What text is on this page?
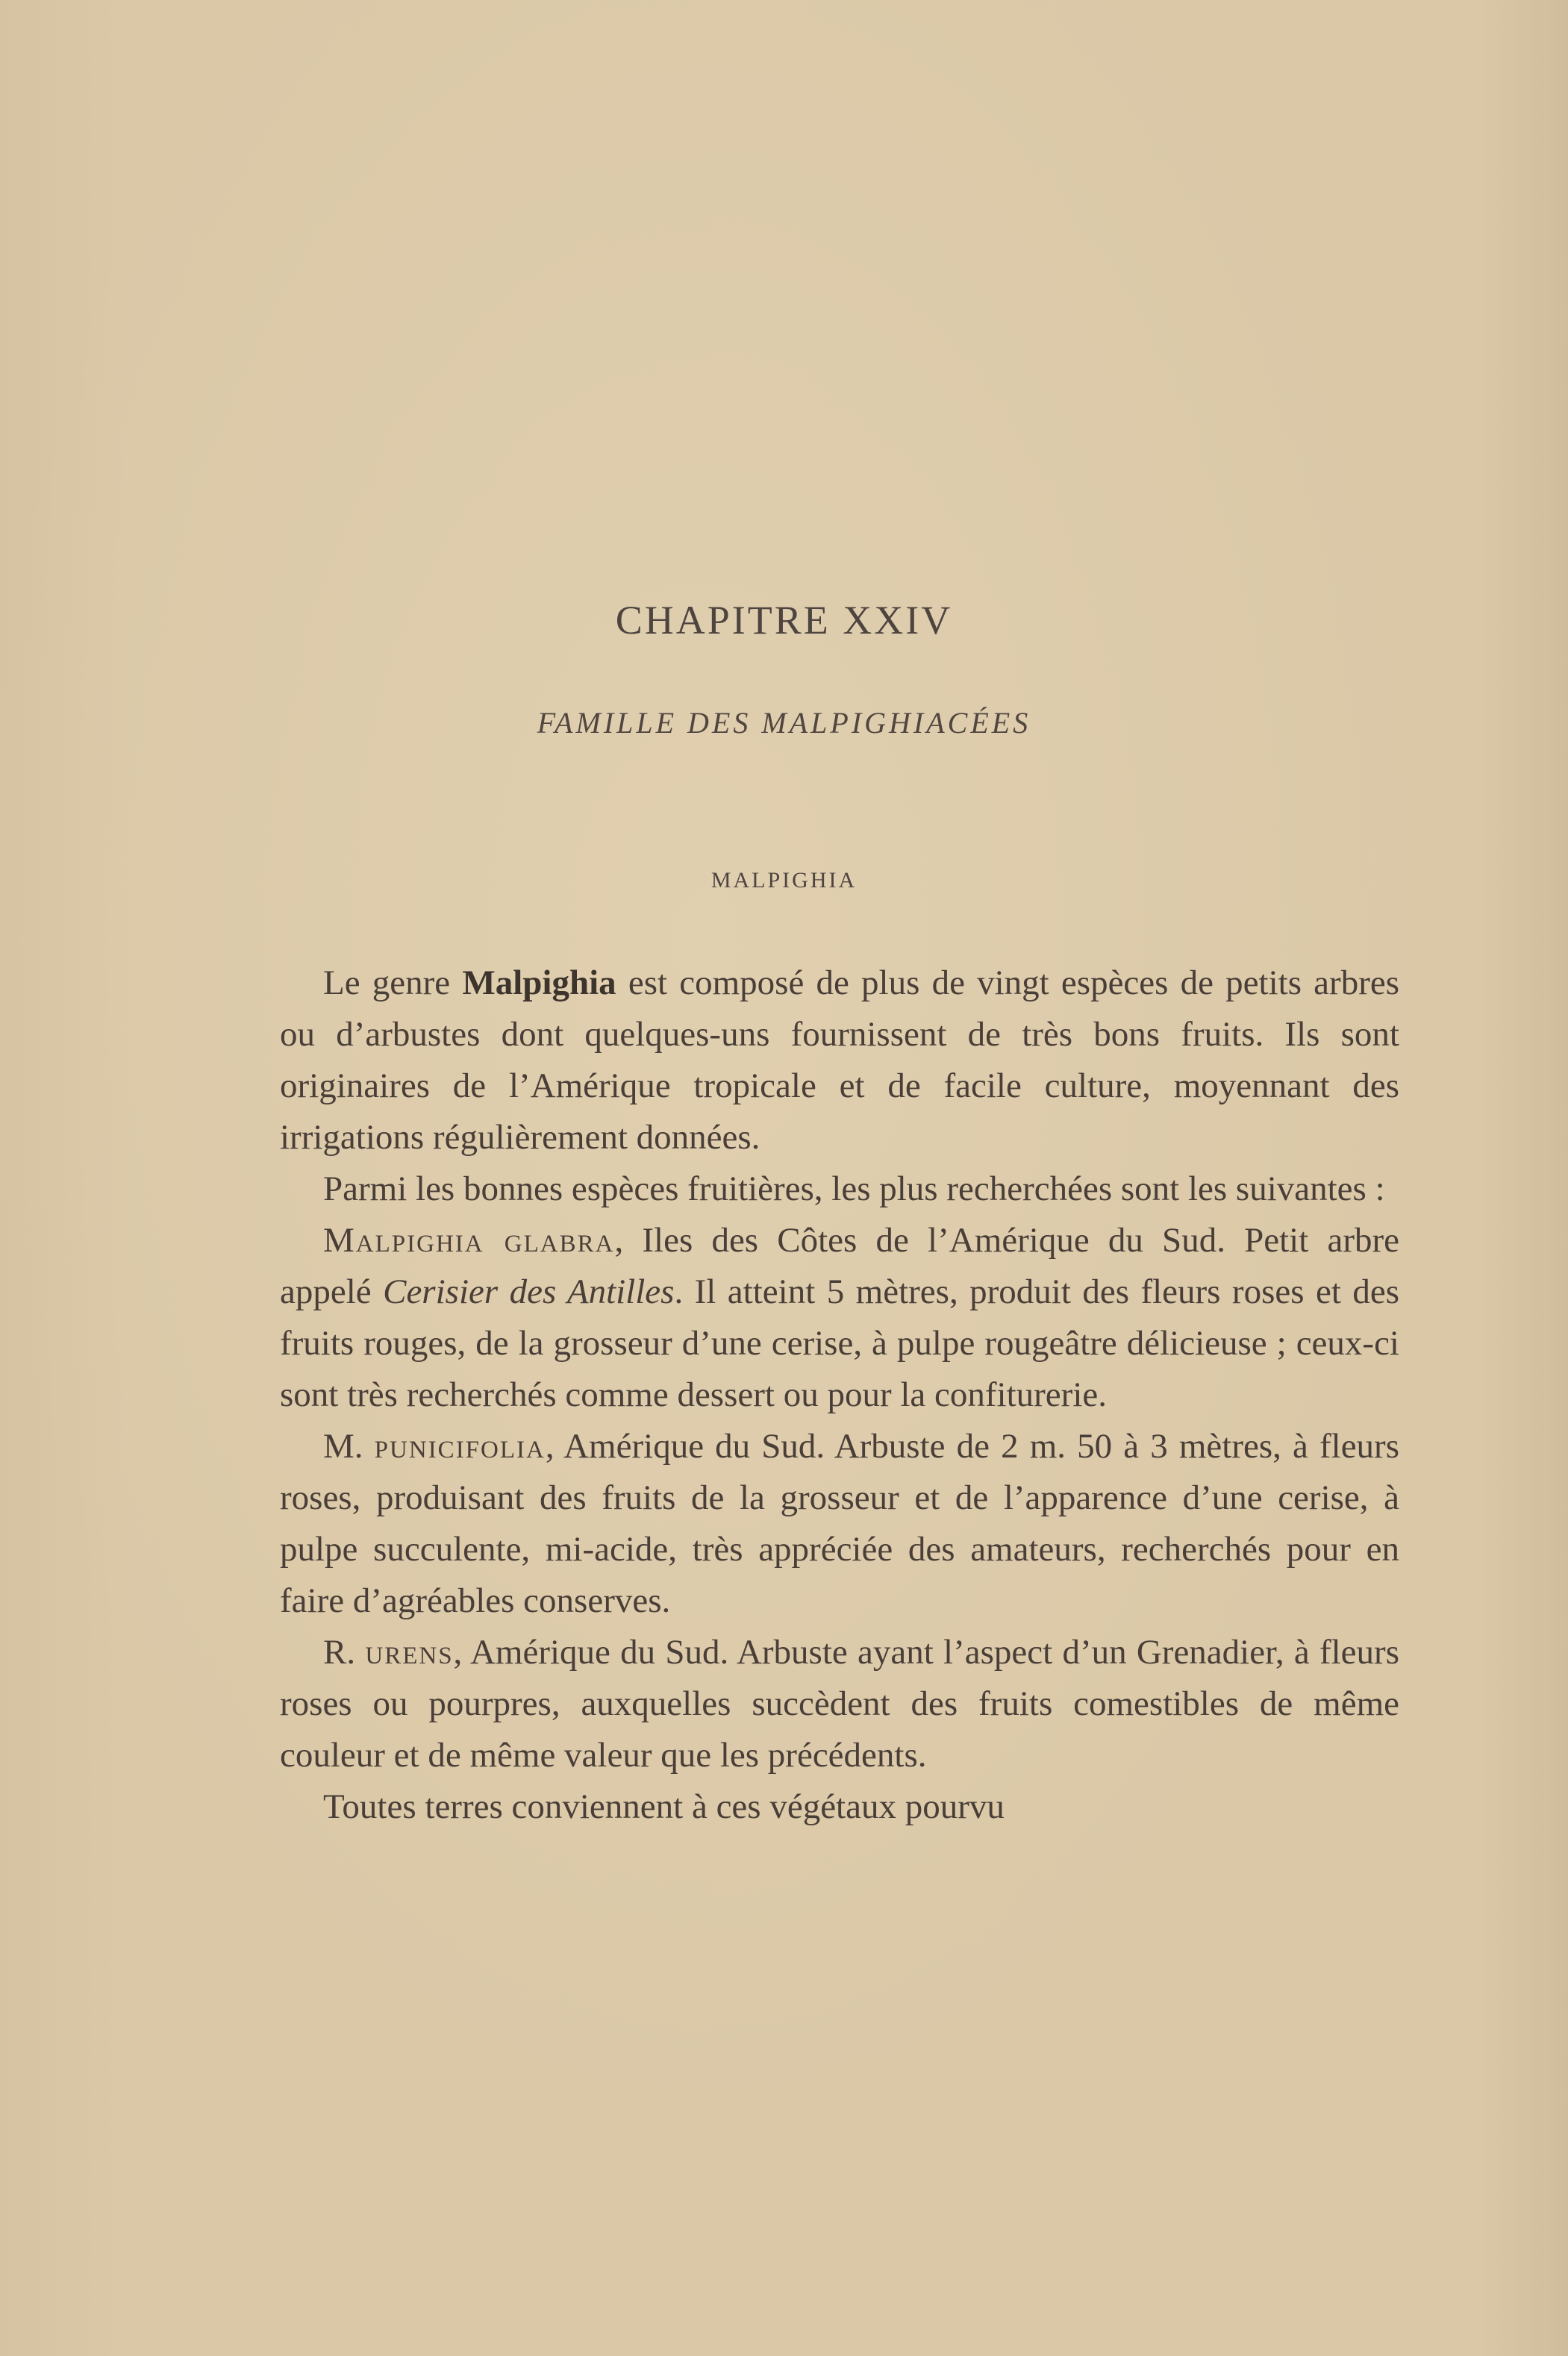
CHAPITRE XXIV
FAMILLE DES MALPIGHIACÉES
MALPIGHIA

Le genre Malpighia est composé de plus de vingt espèces de petits arbres ou d’arbustes dont quelques-uns fournissent de très bons fruits. Ils sont originaires de l’Amérique tropicale et de facile culture, moyennant des irrigations régulièrement données.

Parmi les bonnes espèces fruitières, les plus recherchées sont les suivantes :

Malpighia glabra, Iles des Côtes de l’Amérique du Sud. Petit arbre appelé Cerisier des Antilles. Il atteint 5 mètres, produit des fleurs roses et des fruits rouges, de la grosseur d’une cerise, à pulpe rougeâtre délicieuse ; ceux-ci sont très recherchés comme dessert ou pour la confiturerie.

M. punicifolia, Amérique du Sud. Arbuste de 2 m. 50 à 3 mètres, à fleurs roses, produisant des fruits de la grosseur et de l’apparence d’une cerise, à pulpe succulente, mi-acide, très appréciée des amateurs, recherchés pour en faire d’agréables conserves.

R. urens, Amérique du Sud. Arbuste ayant l’aspect d’un Grenadier, à fleurs roses ou pourpres, auxquelles succèdent des fruits comestibles de même couleur et de même valeur que les précédents.

Toutes terres conviennent à ces végétaux pourvu
